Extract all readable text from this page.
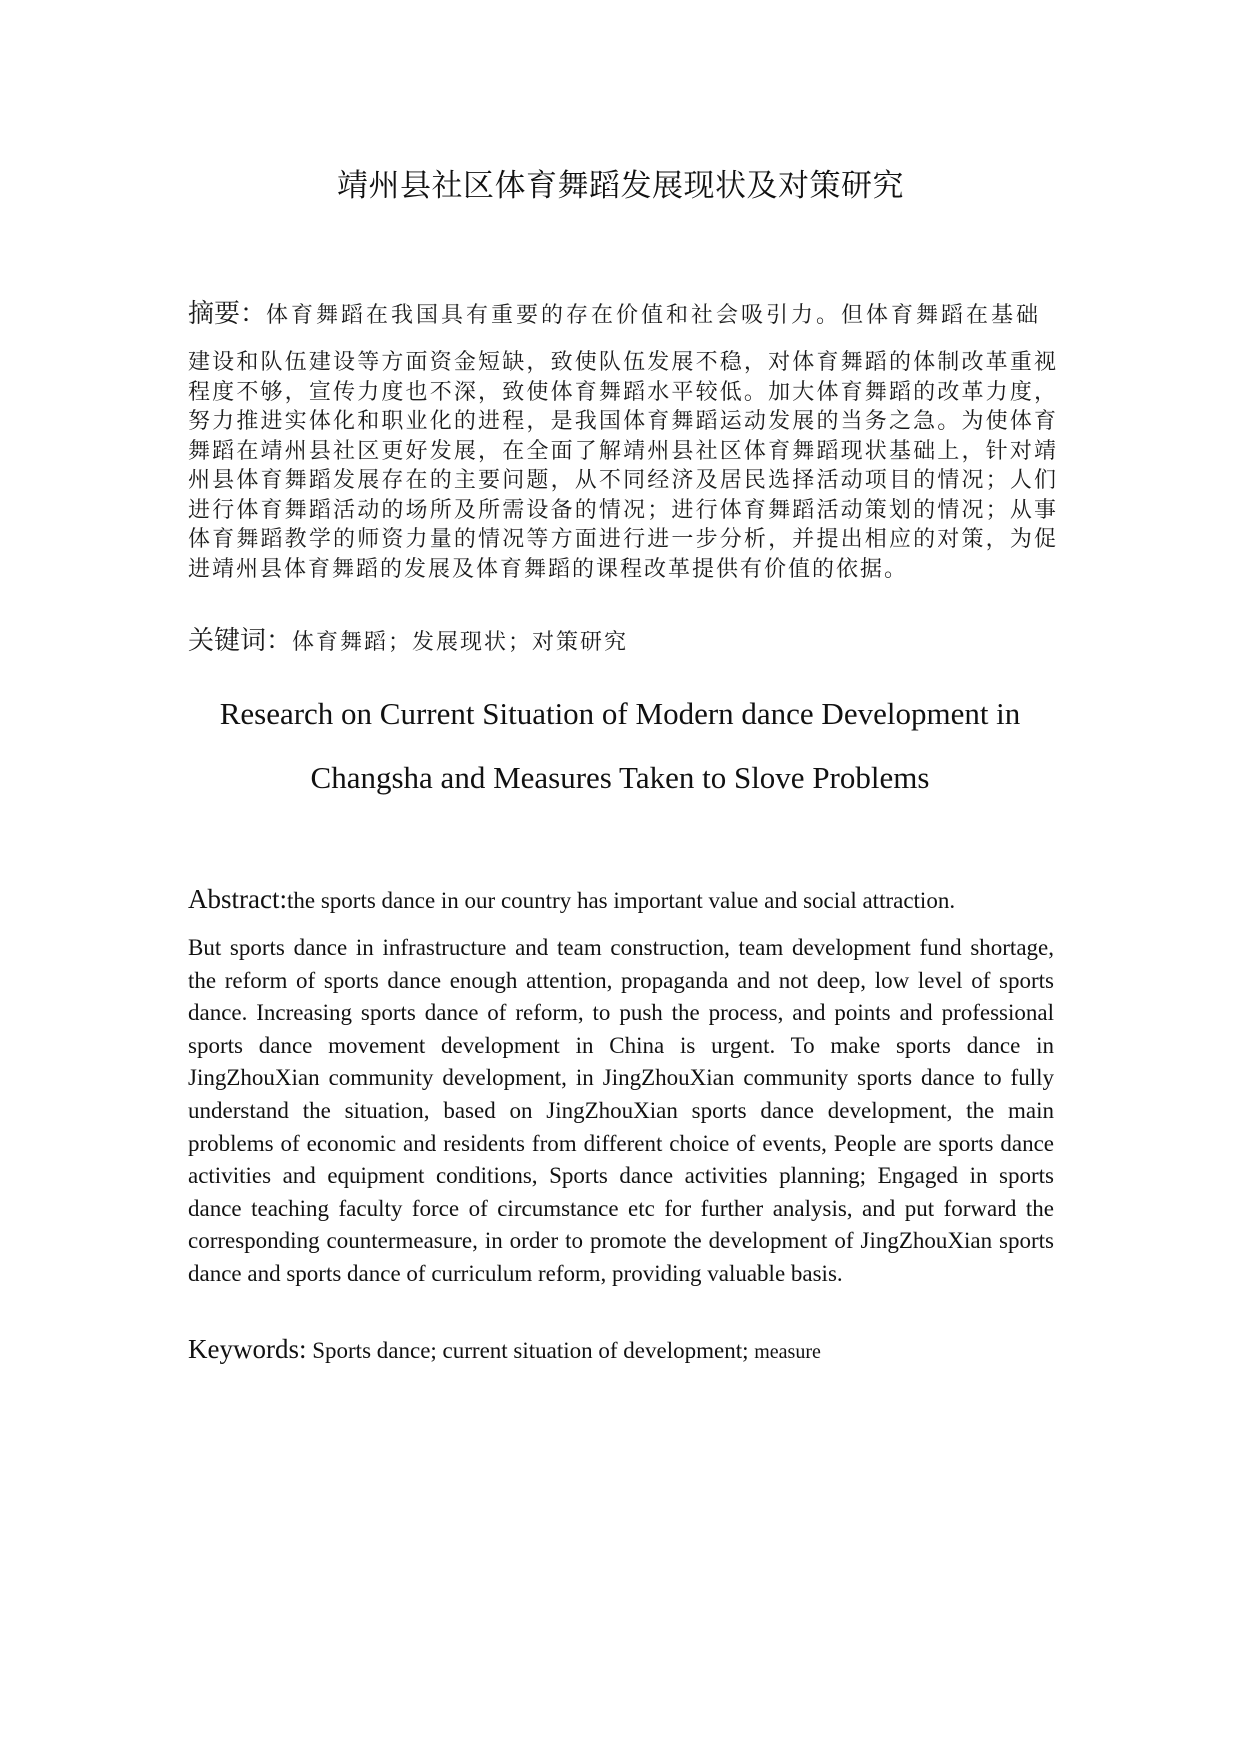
靖州县社区体育舞蹈发展现状及对策研究
摘要：体育舞蹈在我国具有重要的存在价值和社会吸引力。但体育舞蹈在基础
建设和队伍建设等方面资金短缺，致使队伍发展不稳，对体育舞蹈的体制改革重视程度不够，宣传力度也不深，致使体育舞蹈水平较低。加大体育舞蹈的改革力度，努力推进实体化和职业化的进程，是我国体育舞蹈运动发展的当务之急。为使体育舞蹈在靖州县社区更好发展，在全面了解靖州县社区体育舞蹈现状基础上，针对靖州县体育舞蹈发展存在的主要问题，从不同经济及居民选择活动项目的情况；人们进行体育舞蹈活动的场所及所需设备的情况；进行体育舞蹈活动策划的情况；从事体育舞蹈教学的师资力量的情况等方面进行进一步分析，并提出相应的对策，为促进靖州县体育舞蹈的发展及体育舞蹈的课程改革提供有价值的依据。
关键词：体育舞蹈；发展现状；对策研究
Research on Current Situation of Modern dance Development in
Changsha and Measures Taken to Slove Problems
Abstract:the sports dance in our country has important value and social attraction.
But sports dance in infrastructure and team construction, team development fund shortage, the reform of sports dance enough attention, propaganda and not deep, low level of sports dance. Increasing sports dance of reform, to push the process, and points and professional sports dance movement development in China is urgent. To make sports dance in JingZhouXian community development, in JingZhouXian community sports dance to fully understand the situation, based on JingZhouXian sports dance development, the main problems of economic and residents from different choice of events, People are sports dance activities and equipment conditions, Sports dance activities planning; Engaged in sports dance teaching faculty force of circumstance etc for further analysis, and put forward the corresponding countermeasure, in order to promote the development of JingZhouXian sports dance and sports dance of curriculum reform, providing valuable basis.
Keywords: Sports dance; current situation of development; measure
